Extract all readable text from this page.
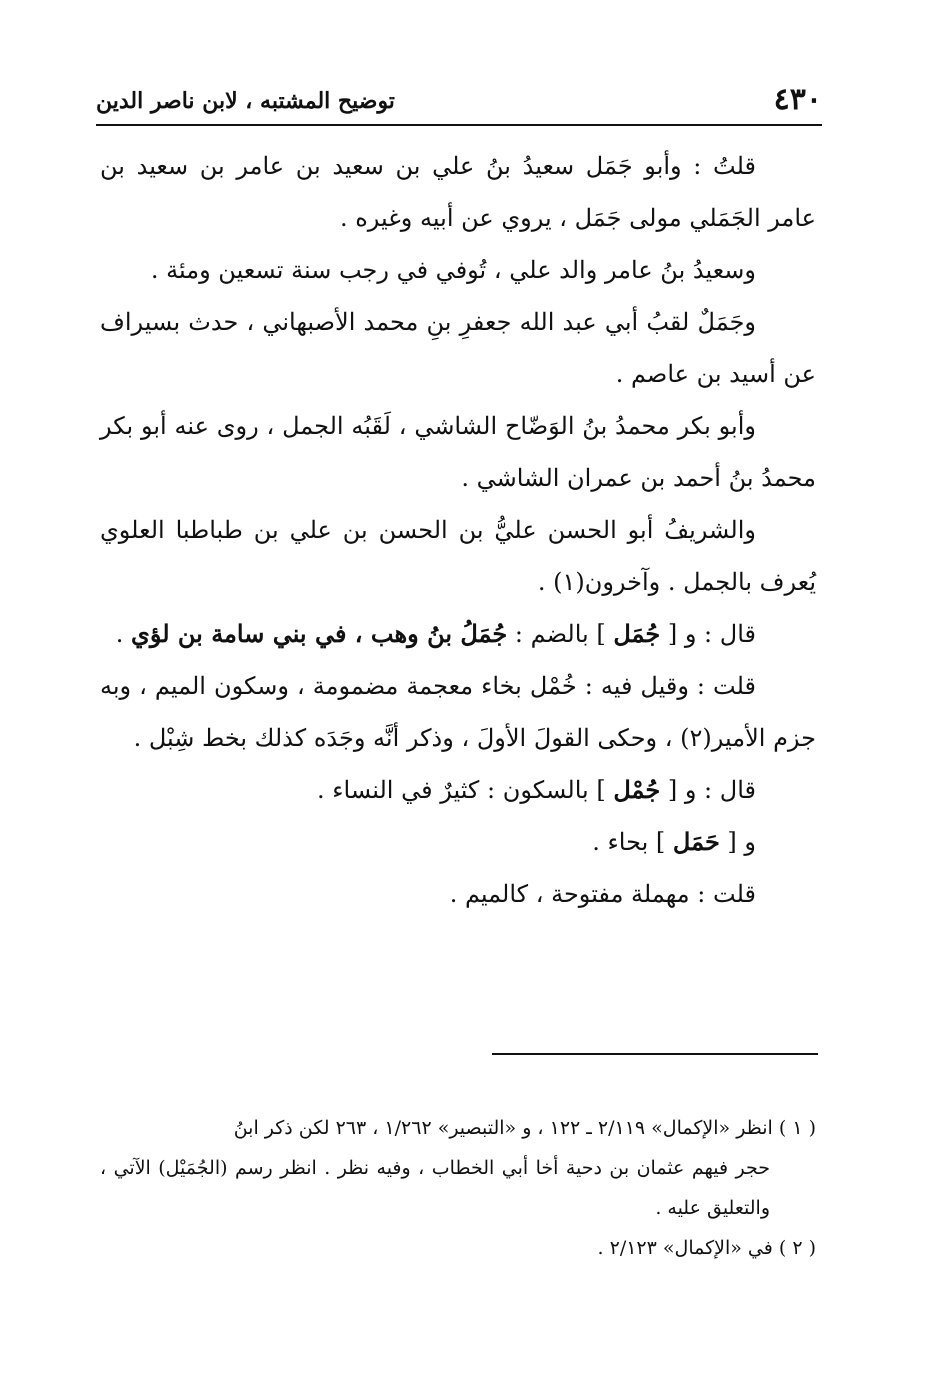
٤٣٠
توضيح المشتبه ، لابن ناصر الدين

قلتُ : وأبو جَمَل سعيدُ بنُ علي بن سعيد بن عامر بن سعيد بن عامر الجَمَلي مولى جَمَل ، يروي عن أبيه وغيره .

وسعيدُ بنُ عامر والد علي ، تُوفي في رجب سنة تسعين ومئة .

وجَمَلٌ لقبُ أبي عبد الله جعفرِ بنِ محمد الأصبهاني ، حدث بسيراف عن أسيد بن عاصم .

وأبو بكر محمدُ بنُ الوَضّاح الشاشي ، لَقَبُه الجمل ، روى عنه أبو بكر محمدُ بنُ أحمد بن عمران الشاشي .

والشريفُ أبو الحسن عليُّ بن الحسن بن علي بن طباطبا العلوي يُعرف بالجمل . وآخرون(١) .

قال : و [ جُمَل ] بالضم : جُمَلُ بنُ وهب ، في بني سامة بن لؤي .

قلت : وقيل فيه : خُمْل بخاء معجمة مضمومة ، وسكون الميم ، وبه جزم الأمير(٢) ، وحكى القولَ الأولَ ، وذكر أنَّه وجَدَه كذلك بخط شِبْل .

قال : و [ جُمْل ] بالسكون : كثيرٌ في النساء .

و [ حَمَل ] بحاء .

قلت : مهملة مفتوحة ، كالميم .

( ١ ) انظر «الإكمال» ٢/١١٩ ـ ١٢٢ ، و «التبصير» ١/٢٦٢ ، ٢٦٣ لكن ذكر ابنُ

حجر فيهم عثمان بن دحية أخا أبي الخطاب ، وفيه نظر . انظر رسم (الجُمَيْل) الآتي ، والتعليق عليه .

( ٢ ) في «الإكمال» ٢/١٢٣ .
